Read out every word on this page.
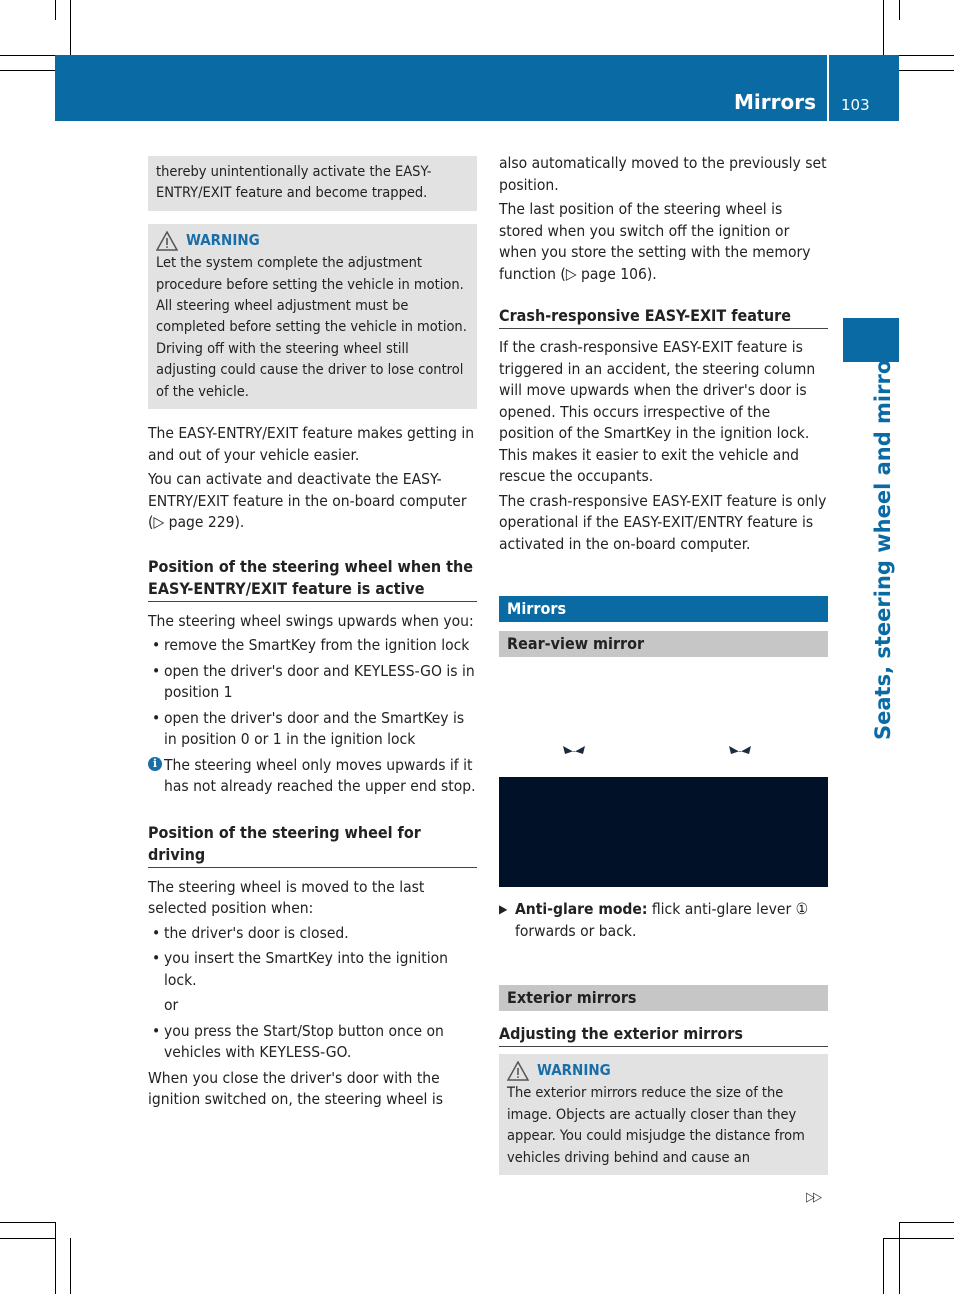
Mirrors 103
Seats, steering wheel and mirrors
thereby unintentionally activate the EASY-ENTRY/EXIT feature and become trapped.
WARNING
Let the system complete the adjustment procedure before setting the vehicle in motion. All steering wheel adjustment must be completed before setting the vehicle in motion. Driving off with the steering wheel still adjusting could cause the driver to lose control of the vehicle.

The EASY-ENTRY/EXIT feature makes getting in and out of your vehicle easier.

You can activate and deactivate the EASY-ENTRY/EXIT feature in the on-board computer (▷ page 229).

Position of the steering wheel when the EASY-ENTRY/EXIT feature is active

The steering wheel swings upwards when you:

• remove the SmartKey from the ignition lock
• open the driver's door and KEYLESS-GO is in position 1
• open the driver's door and the SmartKey is in position 0 or 1 in the ignition lock
i The steering wheel only moves upwards if it has not already reached the upper end stop.
Position of the steering wheel for driving

The steering wheel is moved to the last selected position when:

• the driver's door is closed.
• you insert the SmartKey into the ignition lock.
or
• you press the Start/Stop button once on vehicles with KEYLESS-GO.

When you close the driver's door with the ignition switched on, the steering wheel is

also automatically moved to the previously set position.

The last position of the steering wheel is stored when you switch off the ignition or when you store the setting with the memory function (▷ page 106).

Crash-responsive EASY-EXIT feature

If the crash-responsive EASY-EXIT feature is triggered in an accident, the steering column will move upwards when the driver's door is opened. This occurs irrespective of the position of the SmartKey in the ignition lock. This makes it easier to exit the vehicle and rescue the occupants.

The crash-responsive EASY-EXIT feature is only operational if the EASY-EXIT/ENTRY feature is activated in the on-board computer.

Mirrors
Rear-view mirror
▶ Anti-glare mode: flick anti-glare lever ① forwards or back.
Exterior mirrors
Adjusting the exterior mirrors
WARNING
The exterior mirrors reduce the size of the image. Objects are actually closer than they appear. You could misjudge the distance from vehicles driving behind and cause an
▷▷
